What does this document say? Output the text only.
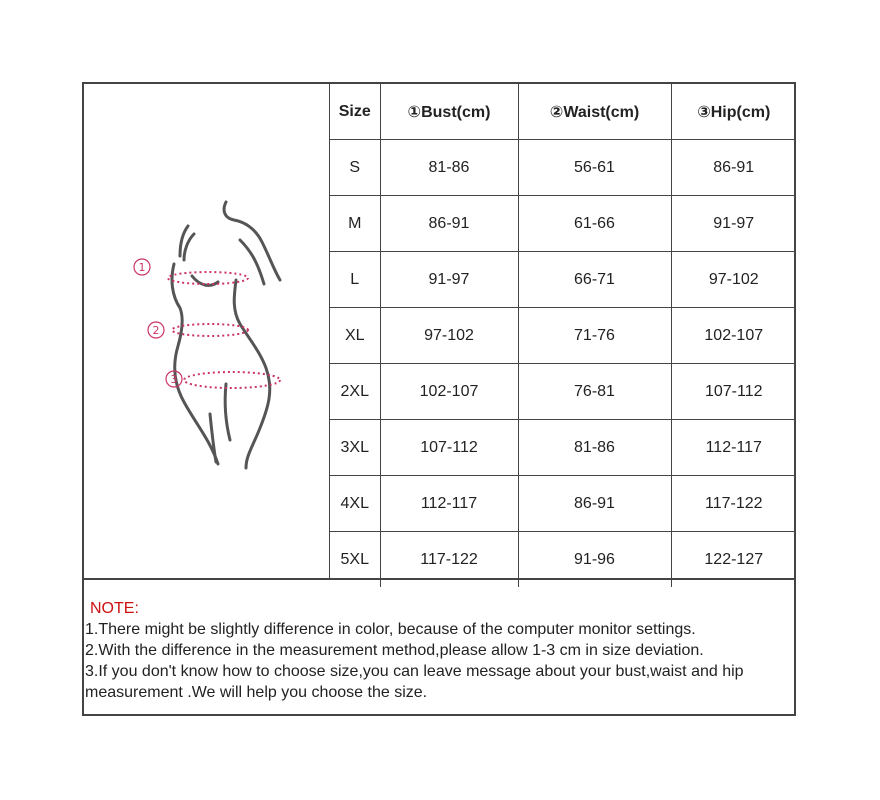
1
2
3
Size	①Bust(cm)	②Waist(cm)	③Hip(cm)
S	81-86	56-61	86-91
M	86-91	61-66	91-97
L	91-97	66-71	97-102
XL	97-102	71-76	102-107
2XL	102-107	76-81	107-112
3XL	107-112	81-86	112-117
4XL	112-117	86-91	117-122
5XL	117-122	91-96	122-127
NOTE:
1.There might be slightly difference in color, because of the computer monitor settings.
2.With the difference in the measurement method,please allow 1-3 cm in size deviation.
3.If you don't know how to choose size,you can leave message about your bust,waist and hip
measurement .We will help you choose the size.
